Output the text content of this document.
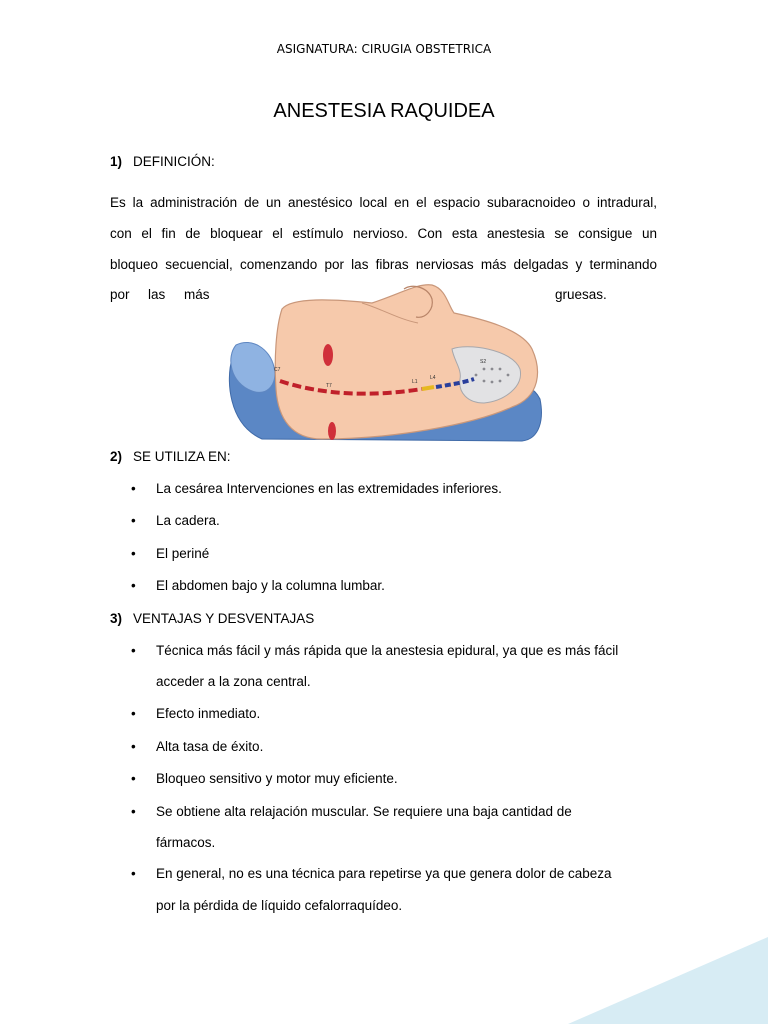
ASIGNATURA: CIRUGIA OBSTETRICA
ANESTESIA RAQUIDEA
1) DEFINICIÓN:
Es la administración de un anestésico local en el espacio subaracnoideo o intradural,
con el fin de bloquear el estímulo nervioso. Con esta anestesia se consigue un
bloqueo secuencial, comenzando por las fibras nerviosas más delgadas y terminando
por las más	gruesas.
C7
T7
L1
L4
S2
2) SE UTILIZA EN:
• La cesárea Intervenciones en las extremidades inferiores.
• La cadera.
• El periné
• El abdomen bajo y la columna lumbar.
3) VENTAJAS Y DESVENTAJAS
• Técnica más fácil y más rápida que la anestesia epidural, ya que es más fácil
acceder a la zona central.
• Efecto inmediato.
• Alta tasa de éxito.
• Bloqueo sensitivo y motor muy eficiente.
• Se obtiene alta relajación muscular. Se requiere una baja cantidad de
fármacos.
• En general, no es una técnica para repetirse ya que genera dolor de cabeza
por la pérdida de líquido cefalorraquídeo.
